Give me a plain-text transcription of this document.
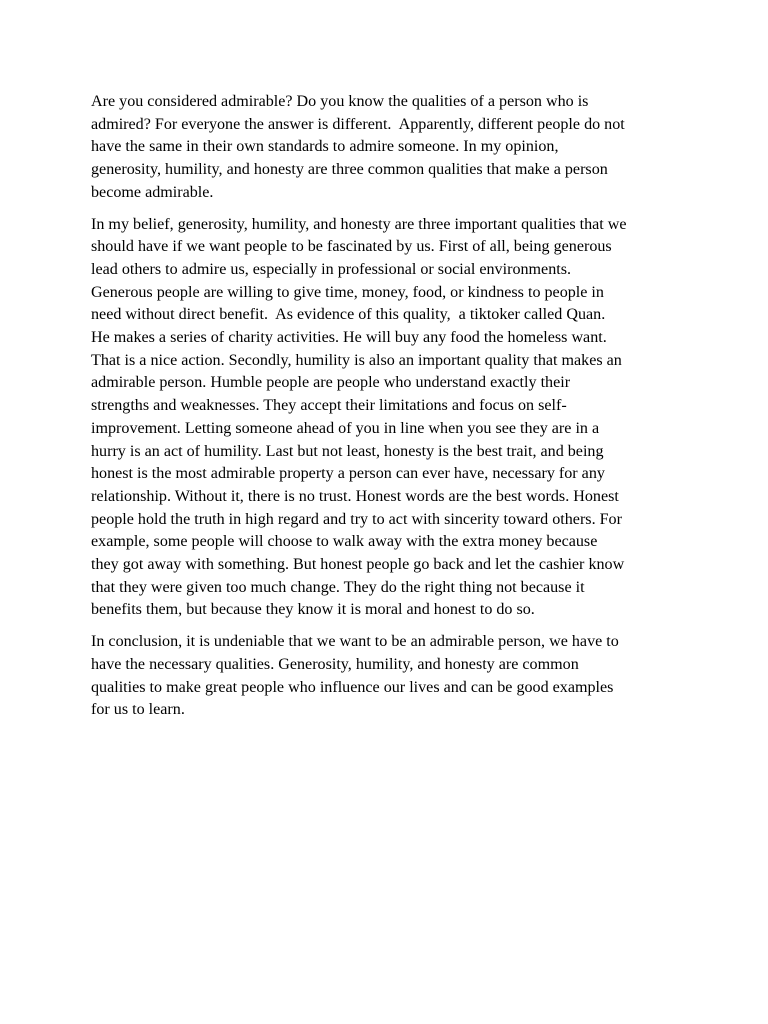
Are you considered admirable? Do you know the qualities of a person who is
admired? For everyone the answer is different.  Apparently, different people do not
have the same in their own standards to admire someone. In my opinion,
generosity, humility, and honesty are three common qualities that make a person
become admirable.

In my belief, generosity, humility, and honesty are three important qualities that we
should have if we want people to be fascinated by us. First of all, being generous
lead others to admire us, especially in professional or social environments.
Generous people are willing to give time, money, food, or kindness to people in
need without direct benefit.  As evidence of this quality,  a tiktoker called Quan.
He makes a series of charity activities. He will buy any food the homeless want.
That is a nice action. Secondly, humility is also an important quality that makes an
admirable person. Humble people are people who understand exactly their
strengths and weaknesses. They accept their limitations and focus on self-
improvement. Letting someone ahead of you in line when you see they are in a
hurry is an act of humility. Last but not least, honesty is the best trait, and being
honest is the most admirable property a person can ever have, necessary for any
relationship. Without it, there is no trust. Honest words are the best words. Honest
people hold the truth in high regard and try to act with sincerity toward others. For
example, some people will choose to walk away with the extra money because
they got away with something. But honest people go back and let the cashier know
that they were given too much change. They do the right thing not because it
benefits them, but because they know it is moral and honest to do so.

In conclusion, it is undeniable that we want to be an admirable person, we have to
have the necessary qualities. Generosity, humility, and honesty are common
qualities to make great people who influence our lives and can be good examples
for us to learn.
